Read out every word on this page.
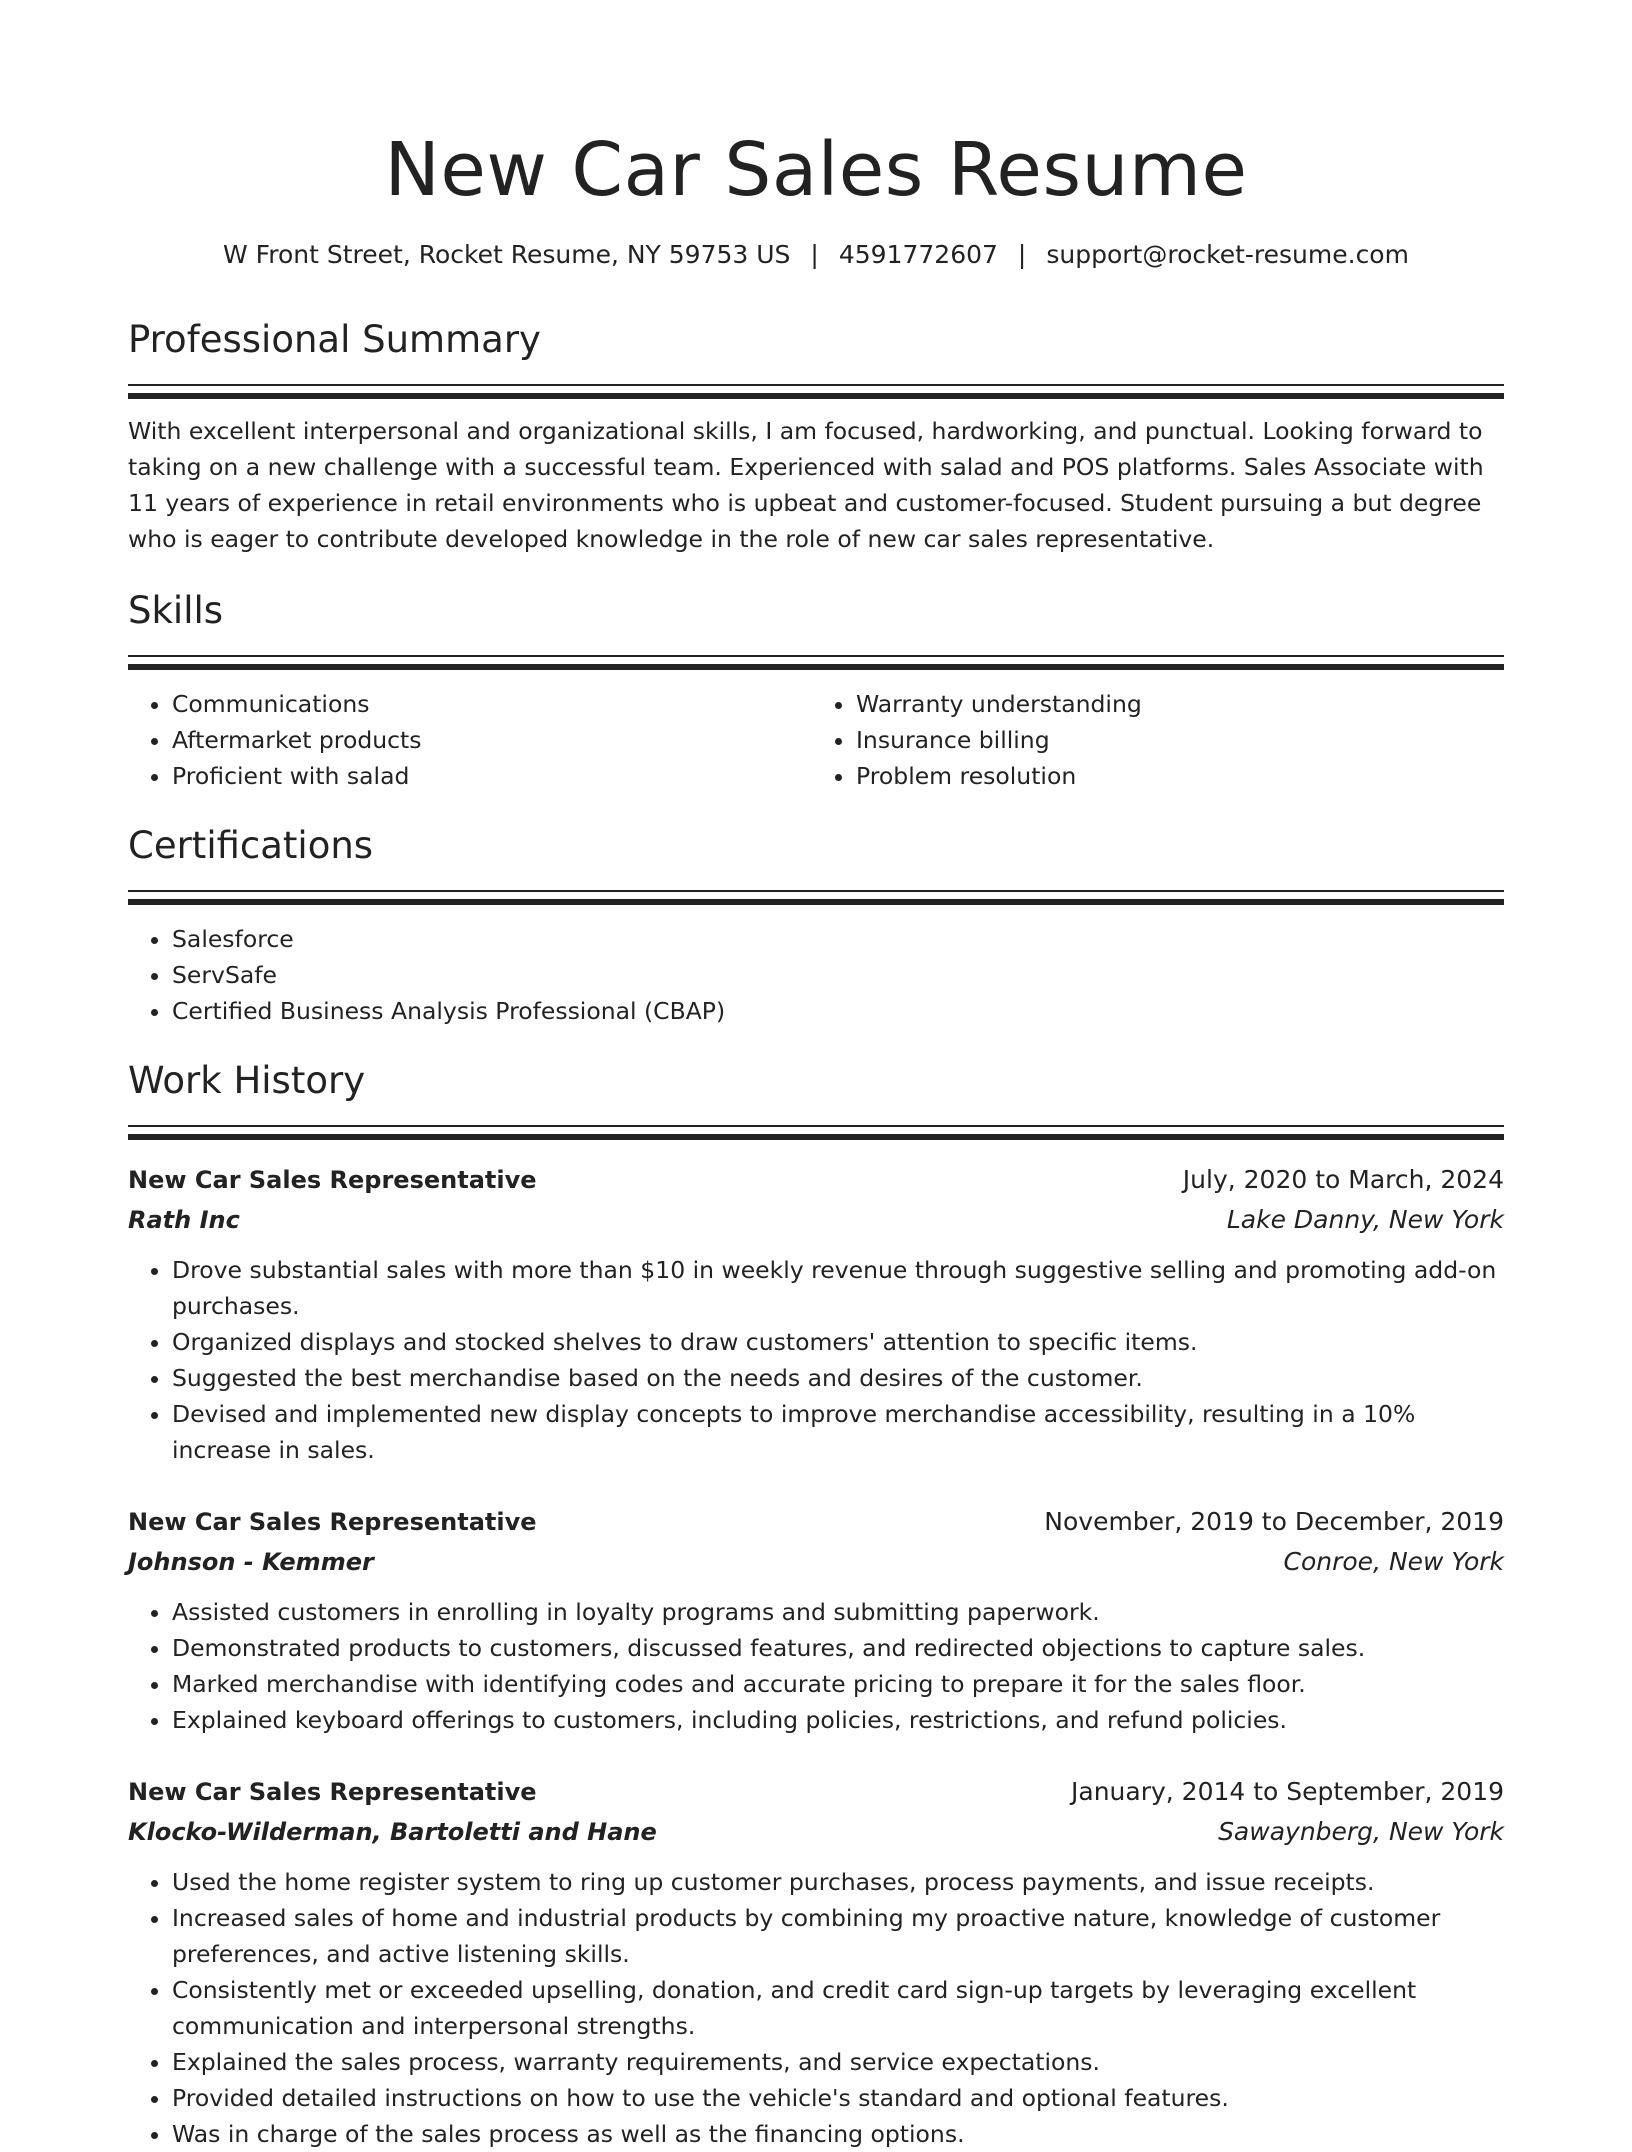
New Car Sales Resume
W Front Street, Rocket Resume, NY 59753 US | 4591772607 | support@rocket-resume.com
Professional Summary

With excellent interpersonal and organizational skills, I am focused, hardworking, and punctual. Looking forward to taking on a new challenge with a successful team. Experienced with salad and POS platforms. Sales Associate with 11 years of experience in retail environments who is upbeat and customer-focused. Student pursuing a but degree who is eager to contribute developed knowledge in the role of new car sales representative.

Skills
• Communications
• Aftermarket products
• Proficient with salad
• Warranty understanding
• Insurance billing
• Problem resolution
Certifications
• Salesforce
• ServSafe
• Certified Business Analysis Professional (CBAP)
Work History
New Car Sales Representative	July, 2020 to March, 2024
Rath Inc	Lake Danny, New York
• Drove substantial sales with more than $10 in weekly revenue through suggestive selling and promoting add-on purchases.
• Organized displays and stocked shelves to draw customers' attention to specific items.
• Suggested the best merchandise based on the needs and desires of the customer.
• Devised and implemented new display concepts to improve merchandise accessibility, resulting in a 10% increase in sales.
New Car Sales Representative	November, 2019 to December, 2019
Johnson - Kemmer	Conroe, New York
• Assisted customers in enrolling in loyalty programs and submitting paperwork.
• Demonstrated products to customers, discussed features, and redirected objections to capture sales.
• Marked merchandise with identifying codes and accurate pricing to prepare it for the sales floor.
• Explained keyboard offerings to customers, including policies, restrictions, and refund policies.
New Car Sales Representative	January, 2014 to September, 2019
Klocko-Wilderman, Bartoletti and Hane	Sawaynberg, New York
• Used the home register system to ring up customer purchases, process payments, and issue receipts.
• Increased sales of home and industrial products by combining my proactive nature, knowledge of customer preferences, and active listening skills.
• Consistently met or exceeded upselling, donation, and credit card sign-up targets by leveraging excellent communication and interpersonal strengths.
• Explained the sales process, warranty requirements, and service expectations.
• Provided detailed instructions on how to use the vehicle's standard and optional features.
• Was in charge of the sales process as well as the financing options.
